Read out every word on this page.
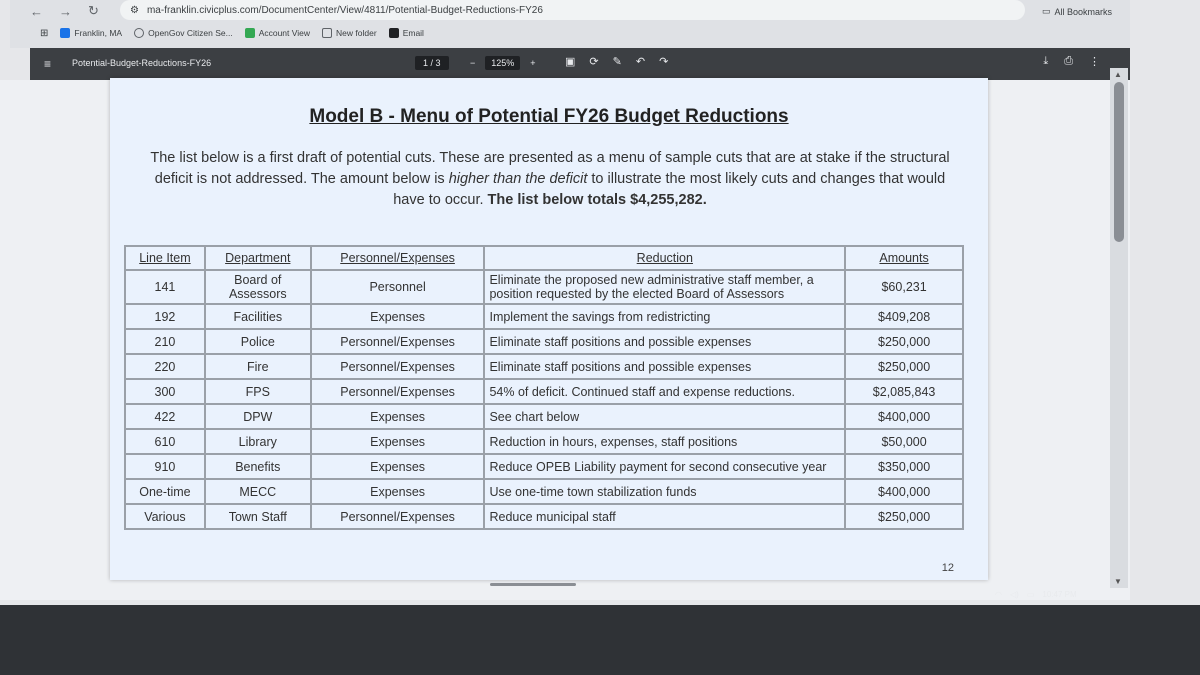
← → ↻	⚙ ma-franklin.civicplus.com/DocumentCenter/View/4811/Potential-Budget-Reductions-FY26	▭ All Bookmarks
⊞	Franklin, MA	OpenGov Citizen Se...	Account View	New folder	Email
≡ Potential-Budget-Reductions-FY26	1 / 3	−	125%	+	▣ ⟳ ✎ ↶ ↷	⤓ ⎙ ⋮
Model B - Menu of Potential FY26 Budget Reductions
The list below is a first draft of potential cuts. These are presented as a menu of sample cuts that are at stake if the structural deficit is not addressed. The amount below is higher than the deficit to illustrate the most likely cuts and changes that would have to occur. The list below totals $4,255,282.
Line Item	Department	Personnel/Expenses	Reduction	Amounts
141	Board of Assessors	Personnel	Eliminate the proposed new administrative staff member, a position requested by the elected Board of Assessors	$60,231
192	Facilities	Expenses	Implement the savings from redistricting	$409,208
210	Police	Personnel/Expenses	Eliminate staff positions and possible expenses	$250,000
220	Fire	Personnel/Expenses	Eliminate staff positions and possible expenses	$250,000
300	FPS	Personnel/Expenses	54% of deficit. Continued staff and expense reductions.	$2,085,843
422	DPW	Expenses	See chart below	$400,000
610	Library	Expenses	Reduction in hours, expenses, staff positions	$50,000
910	Benefits	Expenses	Reduce OPEB Liability payment for second consecutive year	$350,000
One-time	MECC	Expenses	Use one-time town stabilization funds	$400,000
Various	Town Staff	Personnel/Expenses	Reduce municipal staff	$250,000
12
▲
▼
◠ ◁) ▭ 10:47 PM
